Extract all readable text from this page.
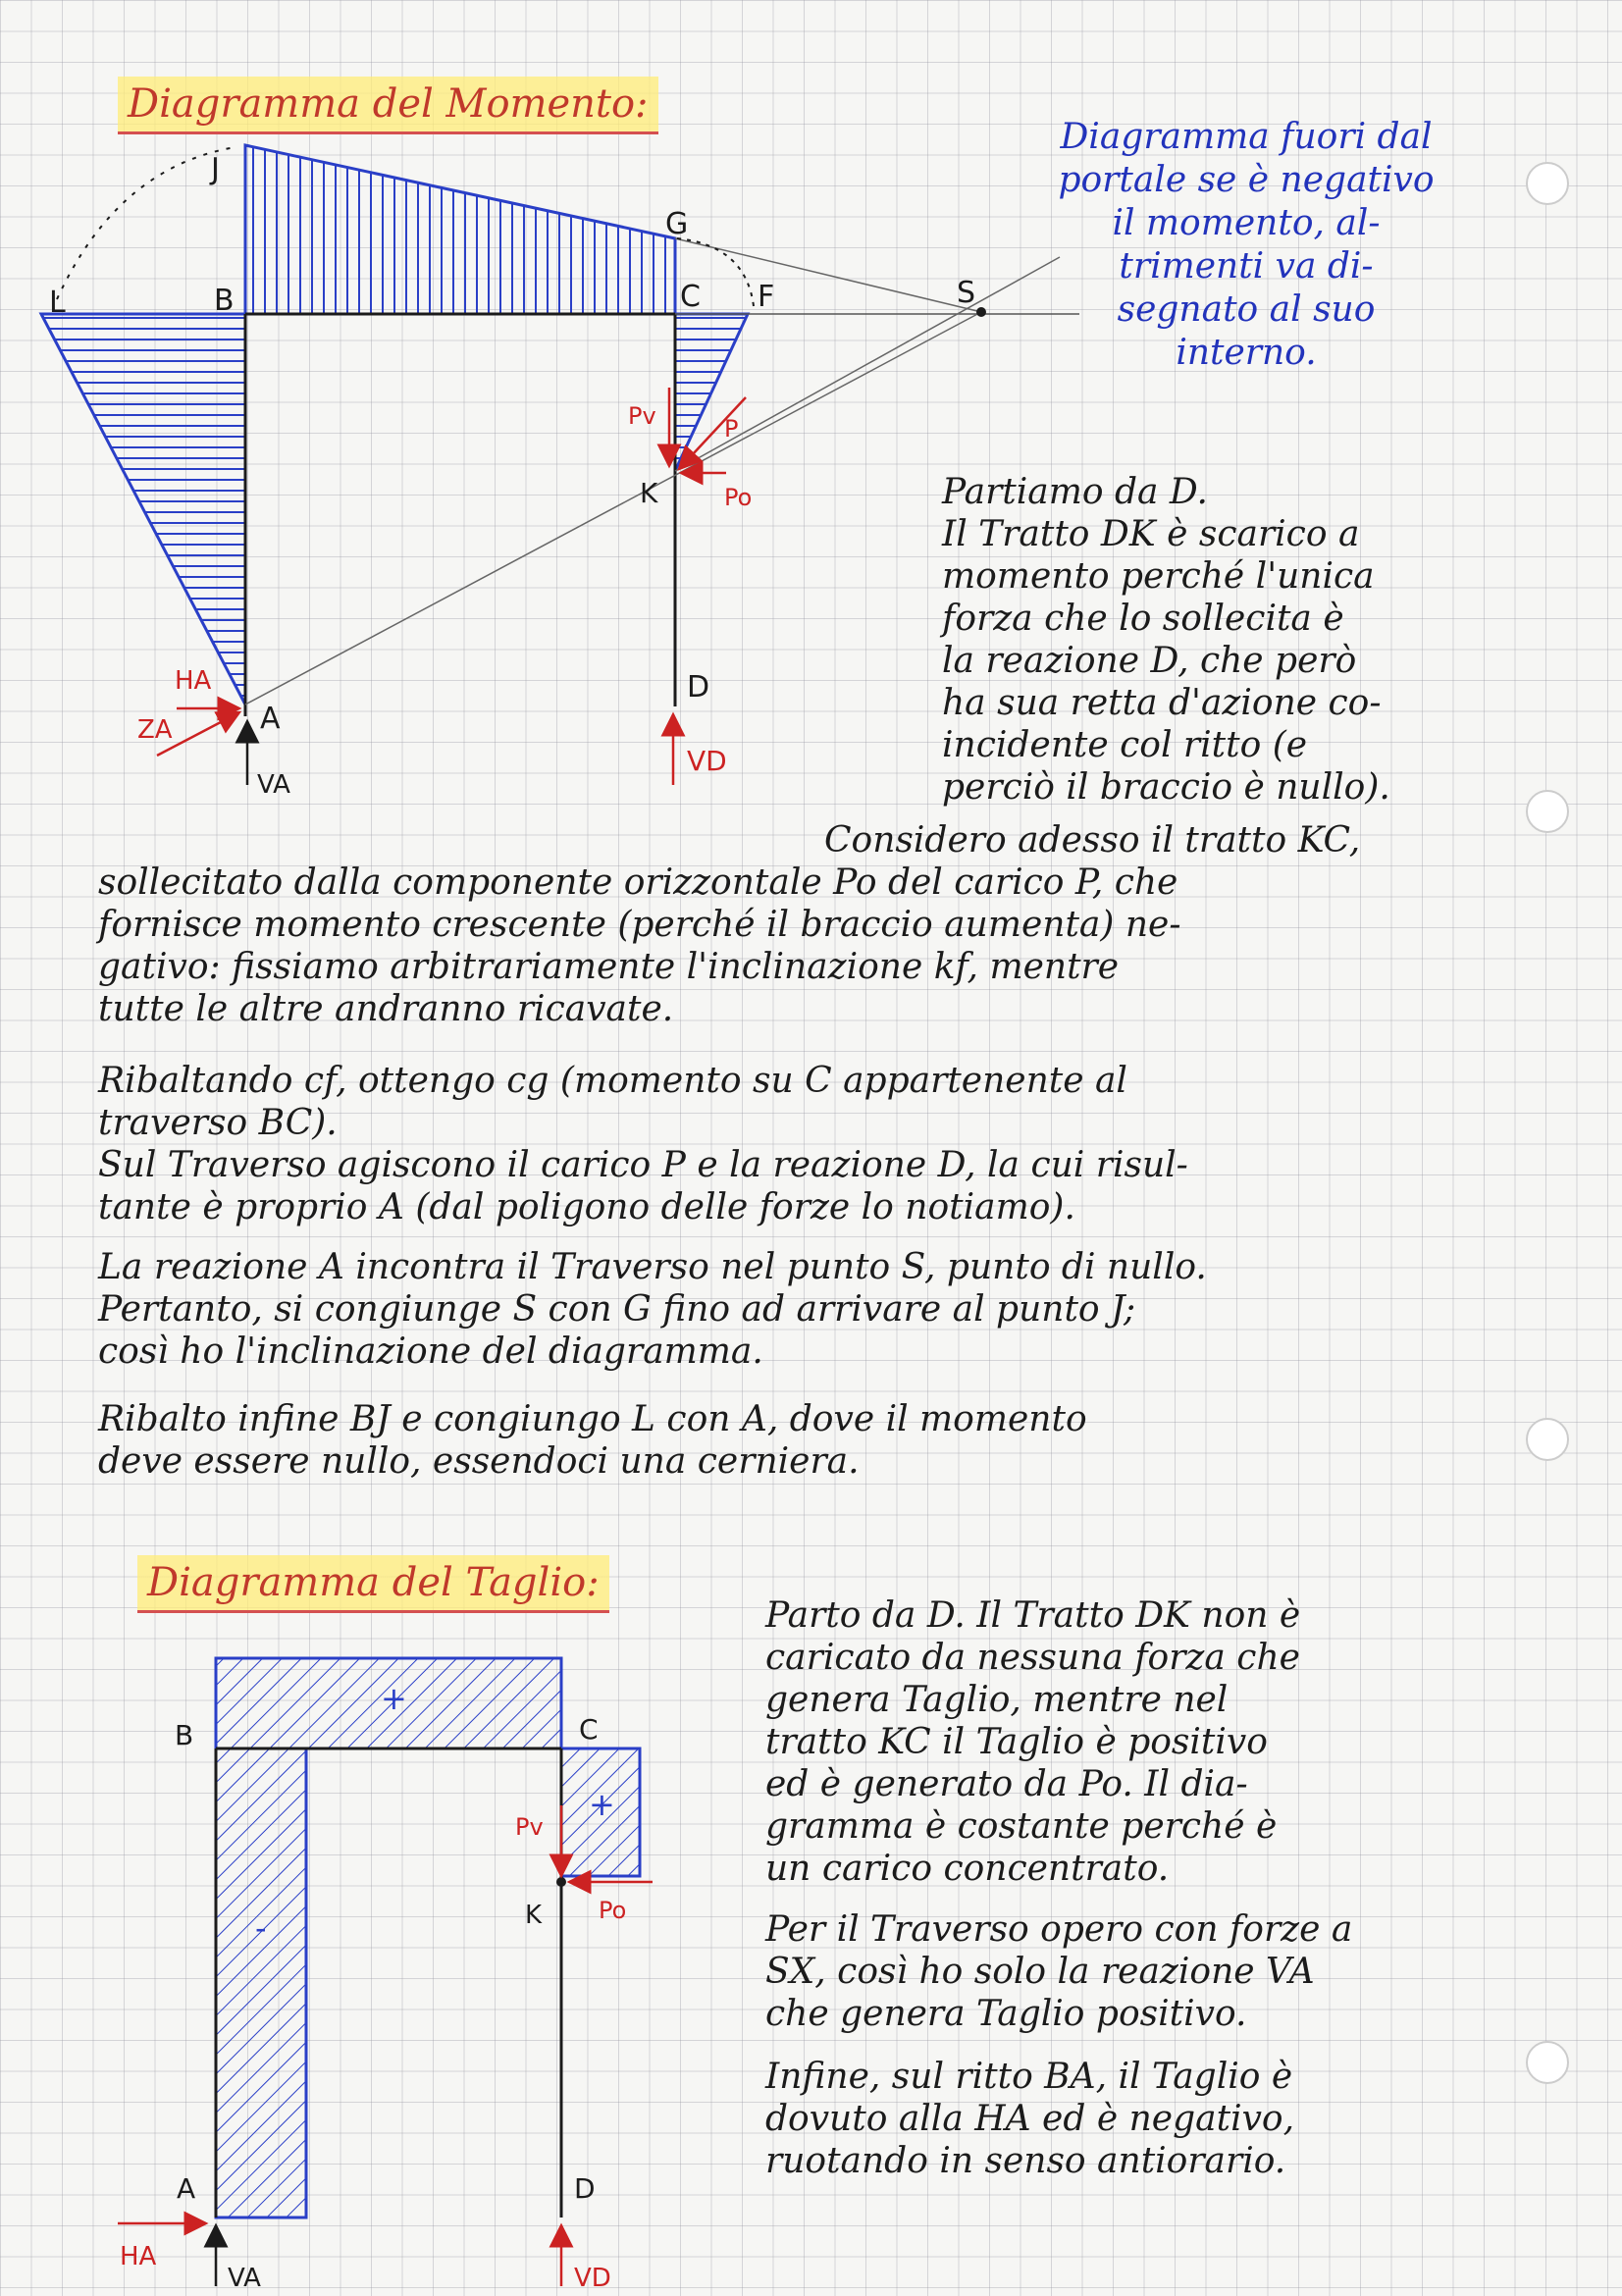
Diagramma del Momento:
Diagramma fuori dal
portale se è negativo
il momento, al-
trimenti va di-
segnato al suo
interno.
J
L	B
G
C F	S
K
A
D
Pv	P
Po
HA
ZA
VA
VD

Partiamo da D.

Il Tratto DK è scarico a

momento perché l'unica

forza che lo sollecita è

la reazione D, che però

ha sua retta d'azione co-

incidente col ritto (e

perciò il braccio è nullo).

Considero adesso il tratto KC,

sollecitato dalla componente orizzontale Po del carico P, che

fornisce momento crescente (perché il braccio aumenta) ne-

gativo: fissiamo arbitrariamente l'inclinazione kf, mentre

tutte le altre andranno ricavate.

Ribaltando cf, ottengo cg (momento su C appartenente al

traverso BC).

Sul Traverso agiscono il carico P e la reazione D, la cui risul-

tante è proprio A (dal poligono delle forze lo notiamo).

La reazione A incontra il Traverso nel punto S, punto di nullo.

Pertanto, si congiunge S con G fino ad arrivare al punto J;

così ho l'inclinazione del diagramma.

Ribalto infine BJ e congiungo L con A, dove il momento

deve essere nullo, essendoci una cerniera.

Diagramma del Taglio:
B	C
K
A	D
Pv
Po
HA
VA	VD
+
+
-

Parto da D. Il Tratto DK non è

caricato da nessuna forza che

genera Taglio, mentre nel

tratto KC il Taglio è positivo

ed è generato da Po. Il dia-

gramma è costante perché è

un carico concentrato.

Per il Traverso opero con forze a

SX, così ho solo la reazione VA

che genera Taglio positivo.

Infine, sul ritto BA, il Taglio è

dovuto alla HA ed è negativo,

ruotando in senso antiorario.
